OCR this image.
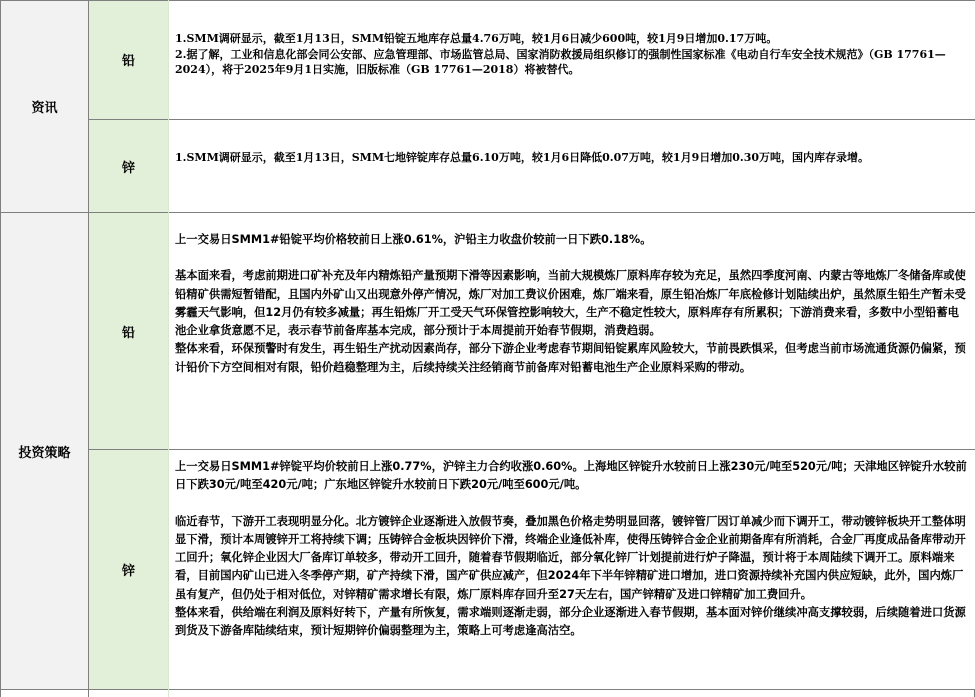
资讯
铅

1.SMM调研显示，截至1月13日，SMM铅锭五地库存总量4.76万吨，较1月6日减少600吨，较1月9日增加0.17万吨。

2.据了解，工业和信息化部会同公安部、应急管理部、市场监管总局、国家消防救援局组织修订的强制性国家标准《电动自行车安全技术规范》（GB 17761—2024），将于2025年9月1日实施，旧版标准（GB 17761—2018）将被替代。

锌

1.SMM调研显示，截至1月13日，SMM七地锌锭库存总量6.10万吨，较1月6日降低0.07万吨，较1月9日增加0.30万吨，国内库存录增。

投资策略
铅

上一交易日SMM1#铅锭平均价格较前日上涨0.61%，沪铅主力收盘价较前一日下跌0.18%。

基本面来看，考虑前期进口矿补充及年内精炼铅产量预期下滑等因素影响，当前大规模炼厂原料库存较为充足，虽然四季度河南、内蒙古等地炼厂冬储备库或使铅精矿供需短暂错配，且国内外矿山又出现意外停产情况，炼厂对加工费议价困难，炼厂端来看，原生铅冶炼厂年底检修计划陆续出炉，虽然原生铅生产暂未受雾霾天气影响，但12月仍有较多减量；再生铅炼厂开工受天气环保管控影响较大，生产不稳定性较大，原料库存有所累积；下游消费来看，多数中小型铅蓄电池企业拿货意愿不足，表示春节前备库基本完成，部分预计于本周提前开始春节假期，消费趋弱。

整体来看，环保预警时有发生，再生铅生产扰动因素尚存，部分下游企业考虑春节期间铅锭累库风险较大，节前畏跌惧采，但考虑当前市场流通货源仍偏紧，预计铅价下方空间相对有限，铅价趋稳整理为主，后续持续关注经销商节前备库对铅蓄电池生产企业原料采购的带动。

锌

上一交易日SMM1#锌锭平均价较前日上涨0.77%，沪锌主力合约收涨0.60%。上海地区锌锭升水较前日上涨230元/吨至520元/吨；天津地区锌锭升水较前日下跌30元/吨至420元/吨；广东地区锌锭升水较前日下跌20元/吨至600元/吨。

临近春节，下游开工表现明显分化。北方镀锌企业逐渐进入放假节奏，叠加黑色价格走势明显回落，镀锌管厂因订单减少而下调开工，带动镀锌板块开工整体明显下滑，预计本周镀锌开工将持续下调；压铸锌合金板块因锌价下滑，终端企业逢低补库，使得压铸锌合金企业前期备库有所消耗，合金厂再度成品备库带动开工回升；氧化锌企业因大厂备库订单较多，带动开工回升，随着春节假期临近，部分氧化锌厂计划提前进行炉子降温，预计将于本周陆续下调开工。原料端来看，目前国内矿山已进入冬季停产期，矿产持续下滑，国产矿供应减产，但2024年下半年锌精矿进口增加，进口资源持续补充国内供应短缺，此外，国内炼厂虽有复产，但仍处于相对低位，对锌精矿需求增长有限，炼厂原料库存回升至27天左右，国产锌精矿及进口锌精矿加工费回升。

整体来看，供给端在利润及原料好转下，产量有所恢复，需求端则逐渐走弱，部分企业逐渐进入春节假期，基本面对锌价继续冲高支撑较弱，后续随着进口货源到货及下游备库陆续结束，预计短期锌价偏弱整理为主，策略上可考虑逢高沽空。
